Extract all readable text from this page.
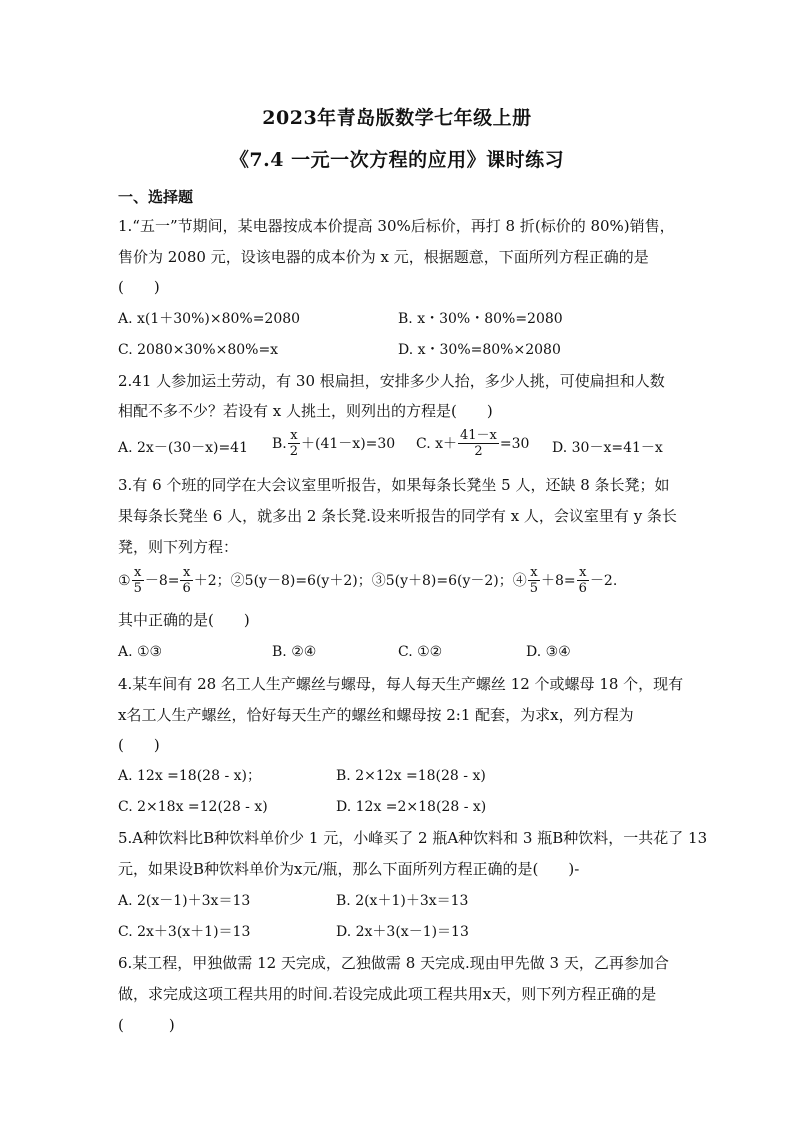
2023年青岛版数学七年级上册
《7.4 一元一次方程的应用》课时练习
一、选择题
1.“五一”节期间，某电器按成本价提高 30%后标价，再打 8 折(标价的 80%)销售，
售价为 2080 元，设该电器的成本价为 x 元，根据题意，下面所列方程正确的是
(　　)
A. x(1＋30%)×80%=2080	B. x・30%・80%=2080
C. 2080×30%×80%=x	D. x・30%=80%×2080
2.41 人参加运土劳动，有 30 根扁担，安排多少人抬，多少人挑，可使扁担和人数
相配不多不少？若设有 x 人挑土，则列出的方程是(　　)
A. 2x－(30－x)=41 B. $\frac{x}{2} +(41-x)=30$ C. $x+ \frac{41-x}{2} =30$ D. 30－x=41－x
3.有 6 个班的同学在大会议室里听报告，如果每条长凳坐 5 人，还缺 8 条长凳；如
果每条长凳坐 6 人，就多出 2 条长凳.设来听报告的同学有 x 人，会议室里有 y 条长
凳，则下列方程：
① $\frac{x}{5} -8= \frac{x}{6} +2$；②5(y－8)=6(y＋2)；③5(y＋8)=6(y－2)；④ $\frac{x}{5} +8= \frac{x}{6} -2$.
其中正确的是(　　)
A. ①③	B. ②④	C. ①②	D. ③④
4.某车间有 28 名工人生产螺丝与螺母，每人每天生产螺丝 12 个或螺母 18 个，现有
x名工人生产螺丝，恰好每天生产的螺丝和螺母按 2:1 配套，为求x，列方程为
(　　)
A. 12x =18(28 - x)；	B. 2×12x =18(28 - x)
C. 2×18x =12(28 - x)	D. 12x =2×18(28 - x)
5.A种饮料比B种饮料单价少 1 元，小峰买了 2 瓶A种饮料和 3 瓶B种饮料，一共花了 13
元，如果设B种饮料单价为x元/瓶，那么下面所列方程正确的是(　　)-
A. 2(x－1)＋3x＝13	B. 2(x＋1)＋3x＝13
C. 2x＋3(x＋1)＝13	D. 2x＋3(x－1)＝13
6.某工程，甲独做需 12 天完成，乙独做需 8 天完成.现由甲先做 3 天，乙再参加合
做，求完成这项工程共用的时间.若设完成此项工程共用x天，则下列方程正确的是
(　　　)
